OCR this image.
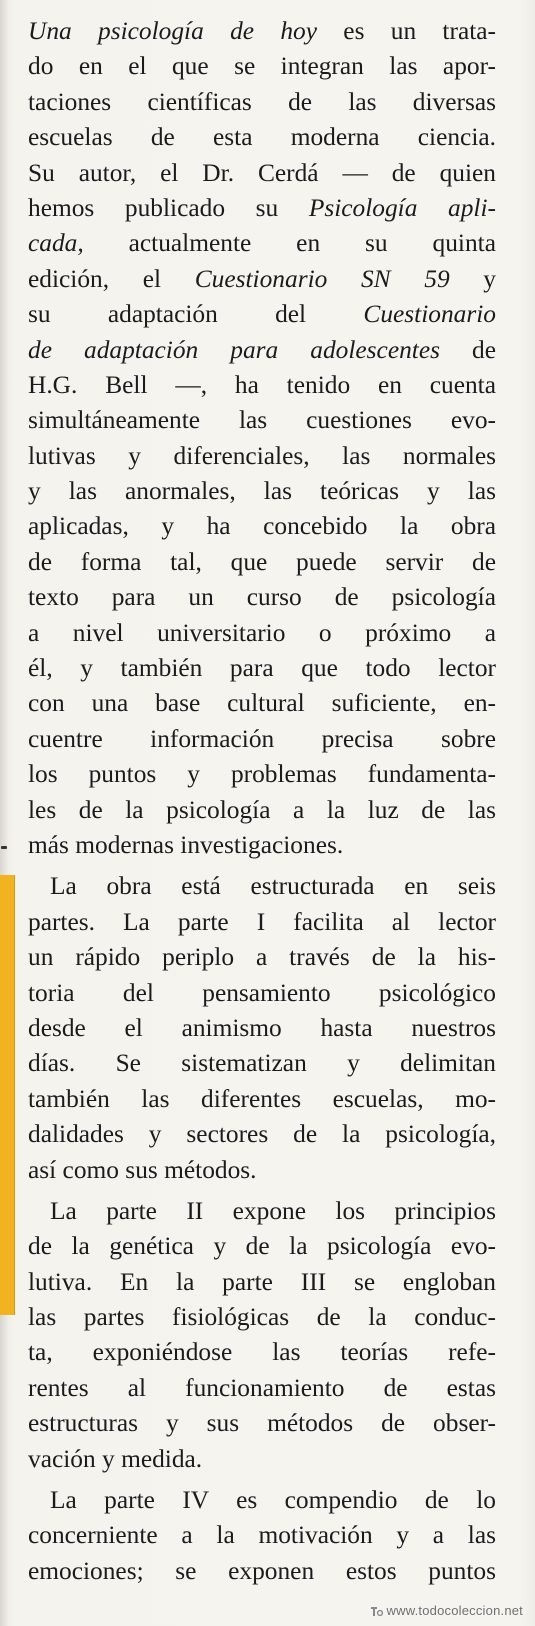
Una psicología de hoy es un trata-
do en el que se integran las apor-
taciones científicas de las diversas
escuelas de esta moderna ciencia.
Su autor, el Dr. Cerdá — de quien
hemos publicado su Psicología apli-
cada, actualmente en su quinta
edición, el Cuestionario SN 59 y
su adaptación del Cuestionario
de adaptación para adolescentes de
H.G. Bell —, ha tenido en cuenta
simultáneamente las cuestiones evo-
lutivas y diferenciales, las normales
y las anormales, las teóricas y las
aplicadas, y ha concebido la obra
de forma tal, que puede servir de
texto para un curso de psicología
a nivel universitario o próximo a
él, y también para que todo lector
con una base cultural suficiente, en-
cuentre información precisa sobre
los puntos y problemas fundamenta-
les de la psicología a la luz de las
más modernas investigaciones.
La obra está estructurada en seis
partes. La parte I facilita al lector
un rápido periplo a través de la his-
toria del pensamiento psicológico
desde el animismo hasta nuestros
días. Se sistematizan y delimitan
también las diferentes escuelas, mo-
dalidades y sectores de la psicología,
así como sus métodos.
La parte II expone los principios
de la genética y de la psicología evo-
lutiva. En la parte III se engloban
las partes fisiológicas de la conduc-
ta, exponiéndose las teorías refe-
rentes al funcionamiento de estas
estructuras y sus métodos de obser-
vación y medida.
La parte IV es compendio de lo
concerniente a la motivación y a las
emociones; se exponen estos puntos
www.todocoleccion.net
